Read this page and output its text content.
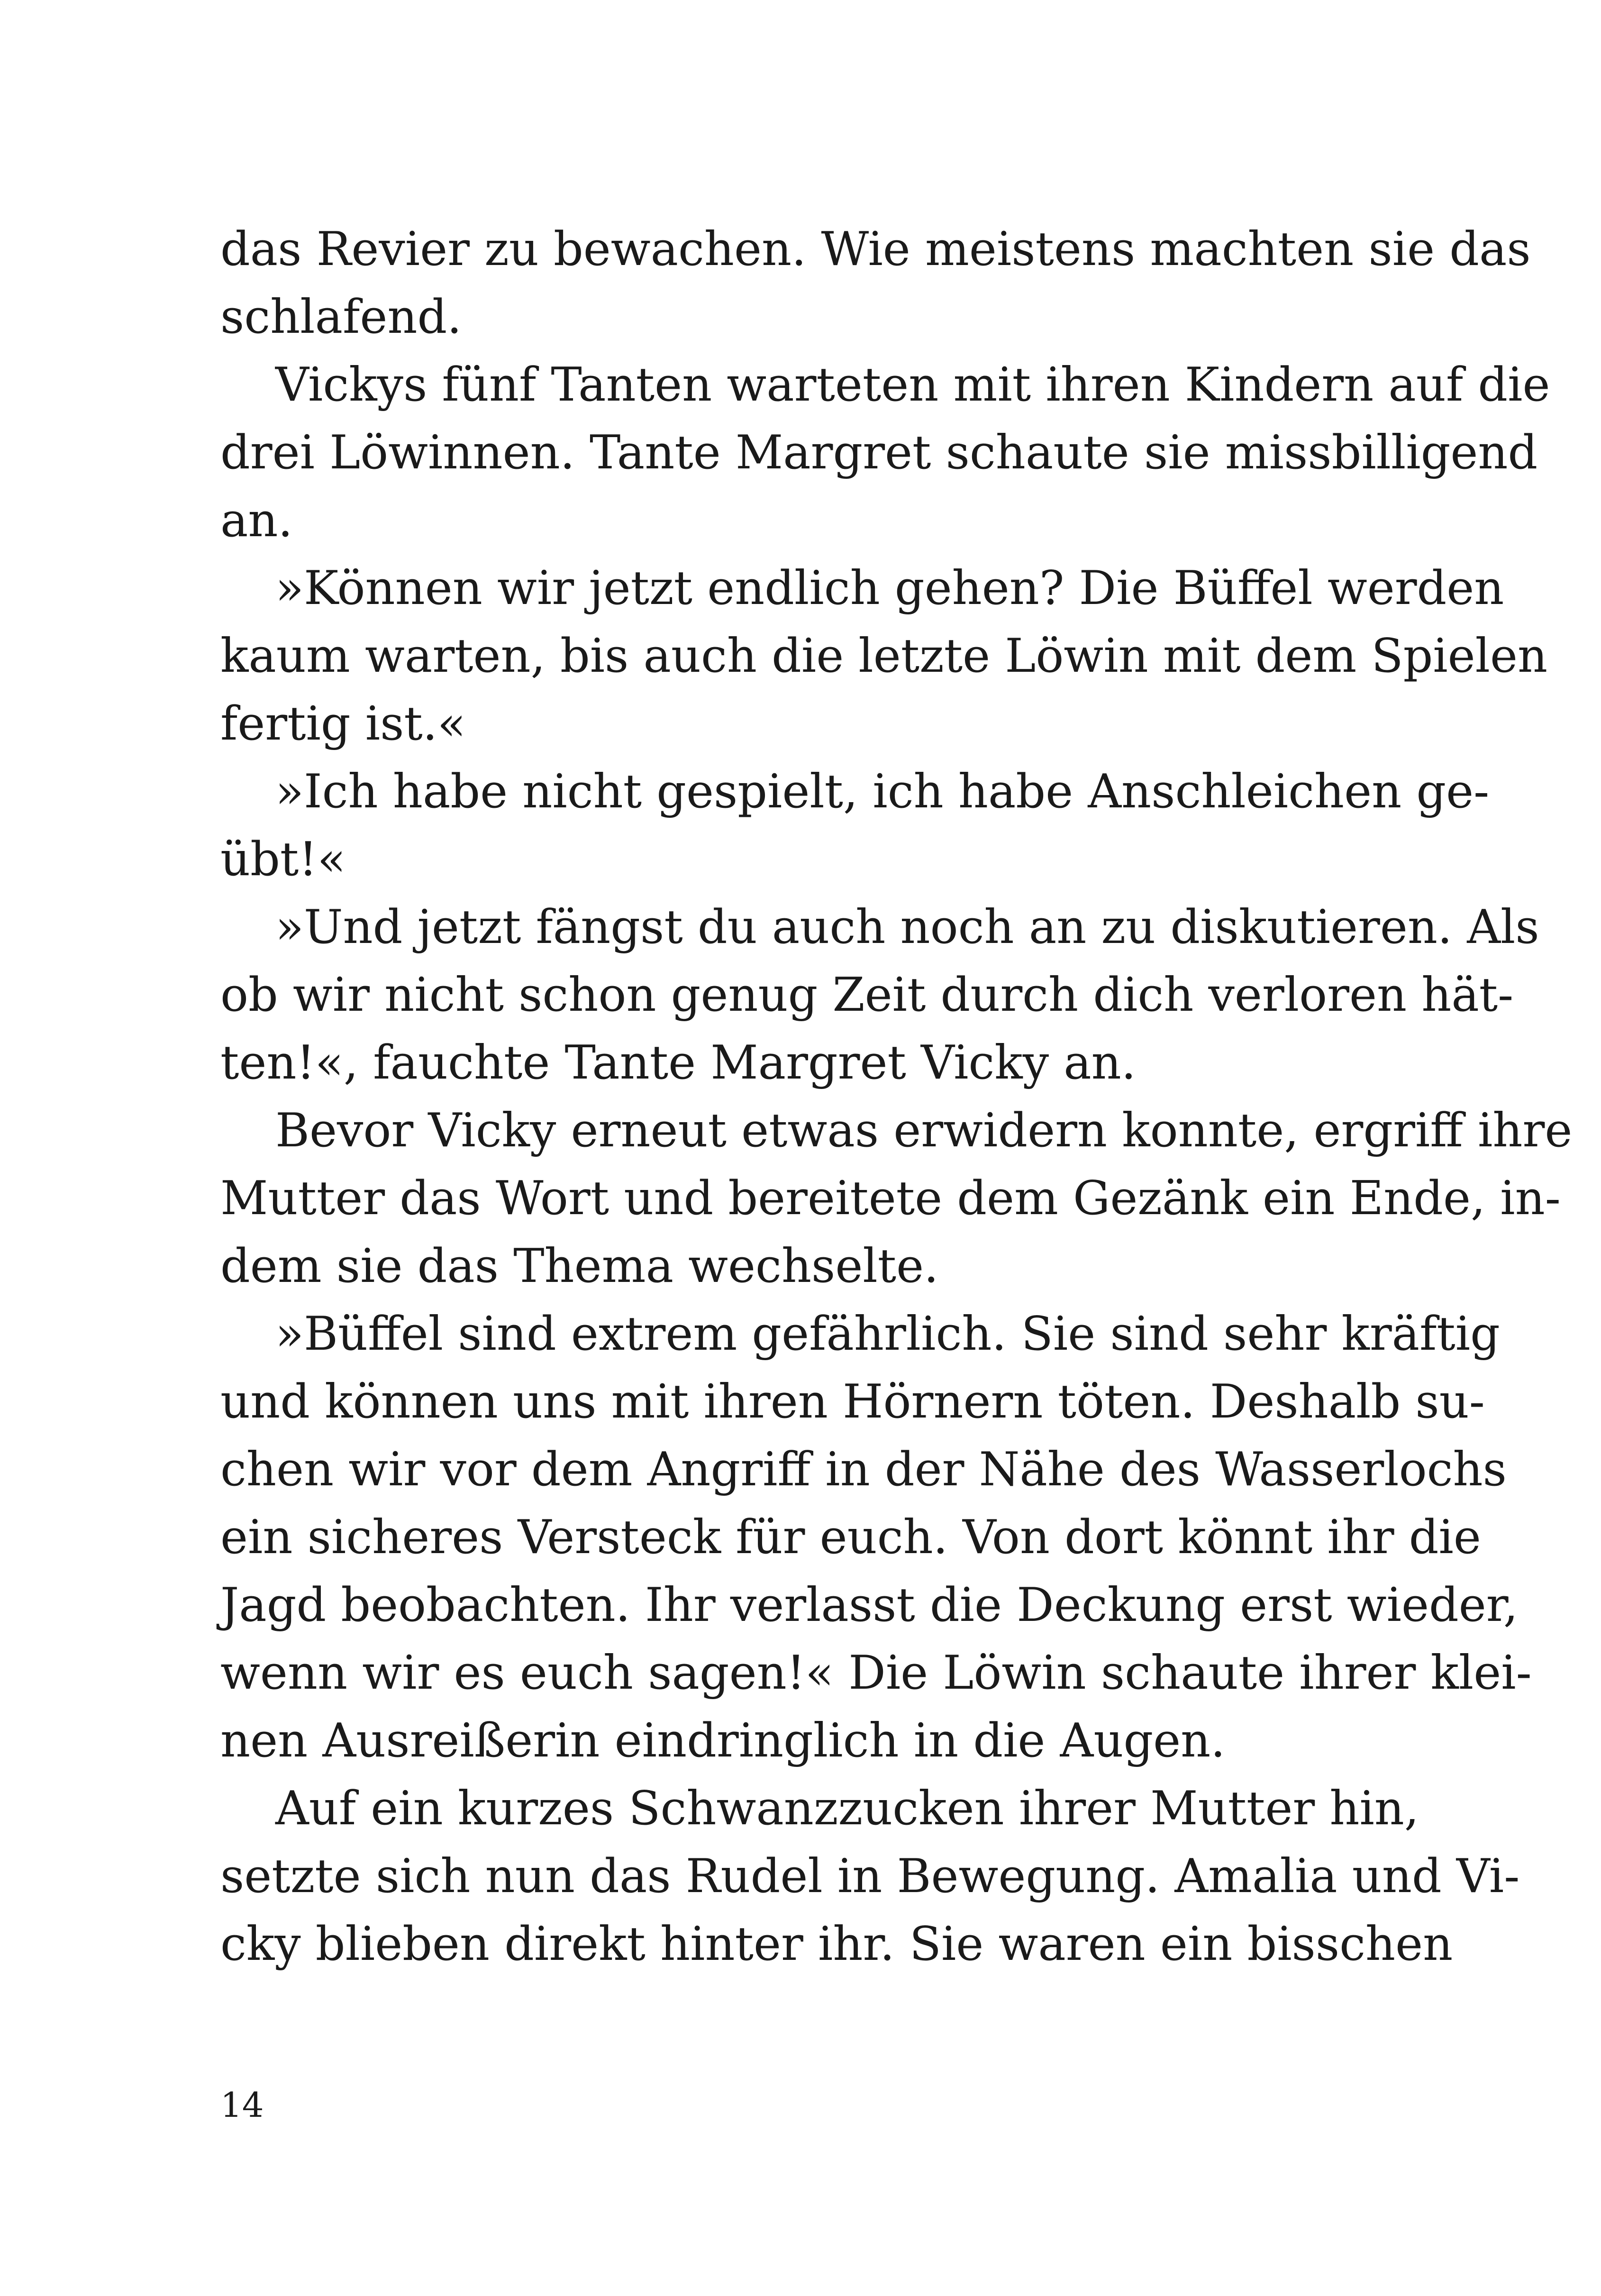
das Revier zu bewachen. Wie meistens machten sie das
schlafend.
Vickys fünf Tanten warteten mit ihren Kindern auf die
drei Löwinnen. Tante Margret schaute sie missbilligend
an.
»Können wir jetzt endlich gehen? Die Büffel werden
kaum warten, bis auch die letzte Löwin mit dem Spielen
fertig ist.«
»Ich habe nicht gespielt, ich habe Anschleichen ge-
übt!«
»Und jetzt fängst du auch noch an zu diskutieren. Als
ob wir nicht schon genug Zeit durch dich verloren hät-
ten!«, fauchte Tante Margret Vicky an.
Bevor Vicky erneut etwas erwidern konnte, ergriff ihre
Mutter das Wort und bereitete dem Gezänk ein Ende, in-
dem sie das Thema wechselte.
»Büffel sind extrem gefährlich. Sie sind sehr kräftig
und können uns mit ihren Hörnern töten. Deshalb su-
chen wir vor dem Angriff in der Nähe des Wasserlochs
ein sicheres Versteck für euch. Von dort könnt ihr die
Jagd beobachten. Ihr verlasst die Deckung erst wieder,
wenn wir es euch sagen!« Die Löwin schaute ihrer klei-
nen Ausreißerin eindringlich in die Augen.
Auf ein kurzes Schwanzzucken ihrer Mutter hin,
setzte sich nun das Rudel in Bewegung. Amalia und Vi-
cky blieben direkt hinter ihr. Sie waren ein bisschen
14
